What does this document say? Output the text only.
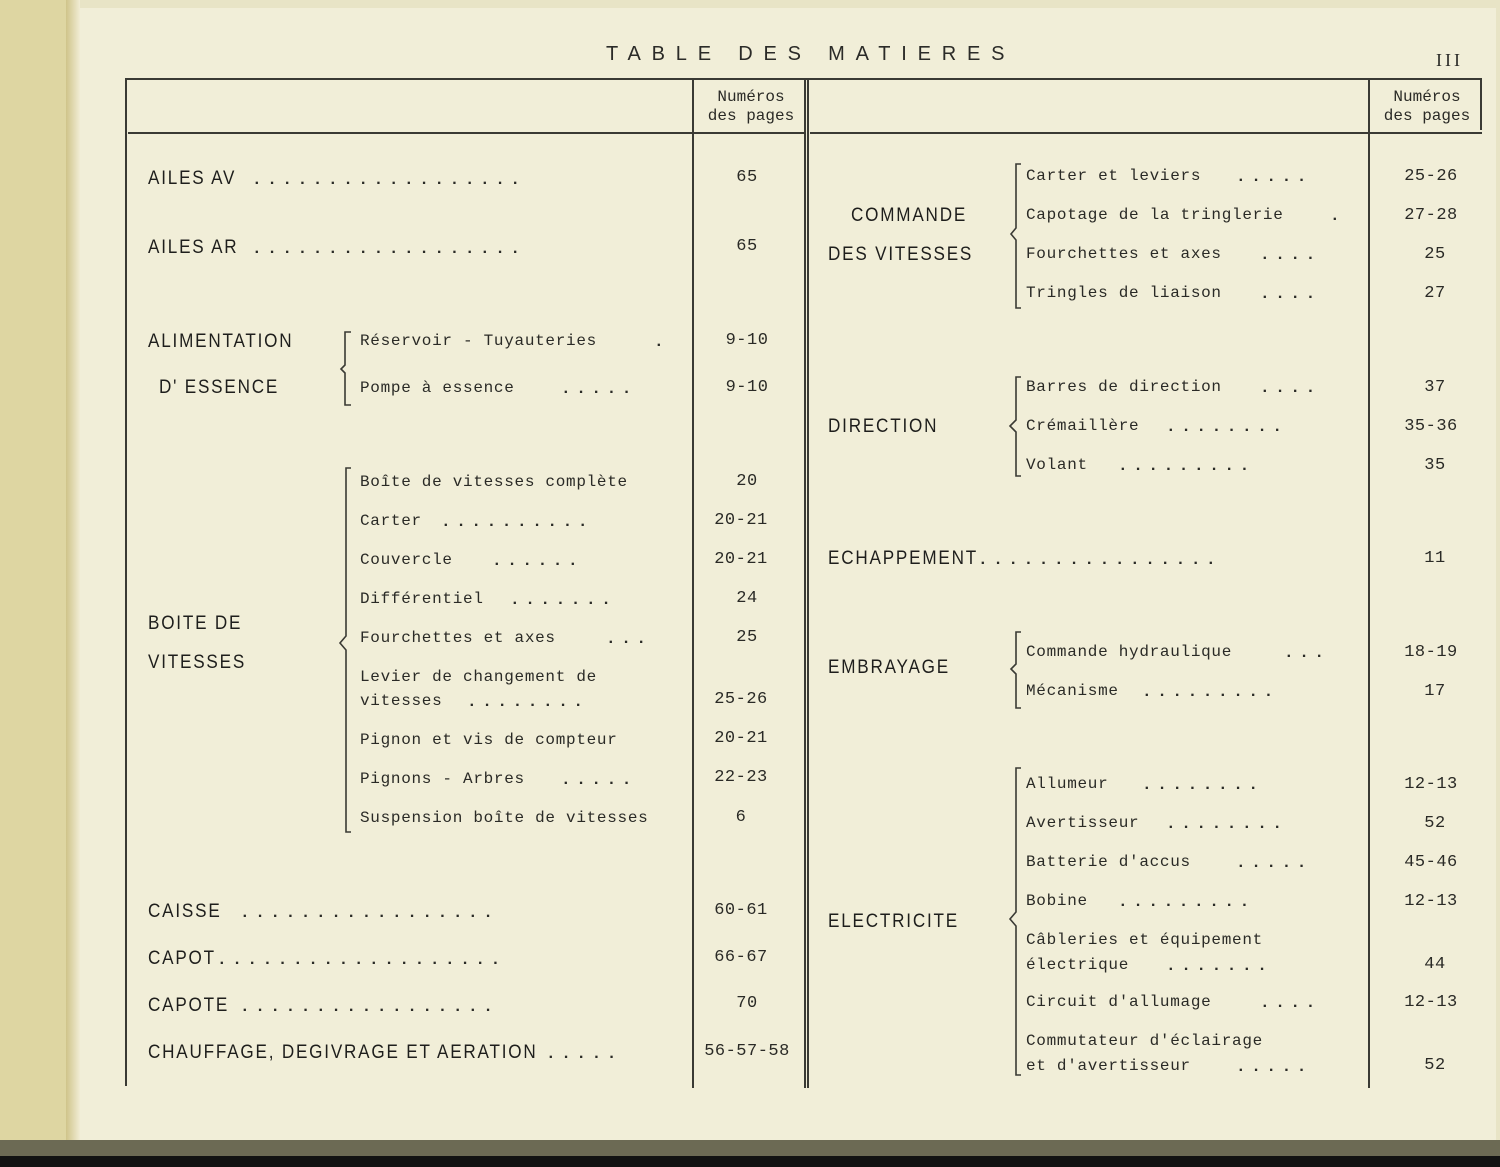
TABLE DES MATIERES	III
Numéros
des pages
Numéros
des pages
AILES AV ..................	65
AILES AR ..................	65
ALIMENTATION
D' ESSENCE
Réservoir - Tuyauteries	.	9-10
Pompe à essence	.....	9-10
BOITE DE
VITESSES
Boîte de vitesses complète	20
Carter ..........	20-21
Couvercle ......	20-21
Différentiel .......	24
Fourchettes et axes	...	25
Levier de changement de
vitesses ........	25-26
Pignon et vis de compteur	20-21
Pignons - Arbres .....	22-23
Suspension boîte de vitesses	6
CAISSE .................	60-61
CAPOT ...................	66-67
CAPOTE .................	70
CHAUFFAGE, DEGIVRAGE ET AERATION .....	56-57-58
COMMANDE
DES VITESSES
Carter et leviers .....	25-26
Capotage de la tringlerie	.	27-28
Fourchettes et axes ....	25
Tringles de liaison ....	27
DIRECTION
Barres de direction ....	37
Crémaillère ........	35-36
Volant .........	35
ECHAPPEMENT ................	11
EMBRAYAGE
Commande hydraulique	...	18-19
Mécanisme .........	17
ELECTRICITE
Allumeur ........	12-13
Avertisseur ........	52
Batterie d'accus	.....	45-46
Bobine .........	12-13
Câbleries et équipement
électrique .......	44
Circuit d'allumage	....	12-13
Commutateur d'éclairage
et d'avertisseur	.....	52
